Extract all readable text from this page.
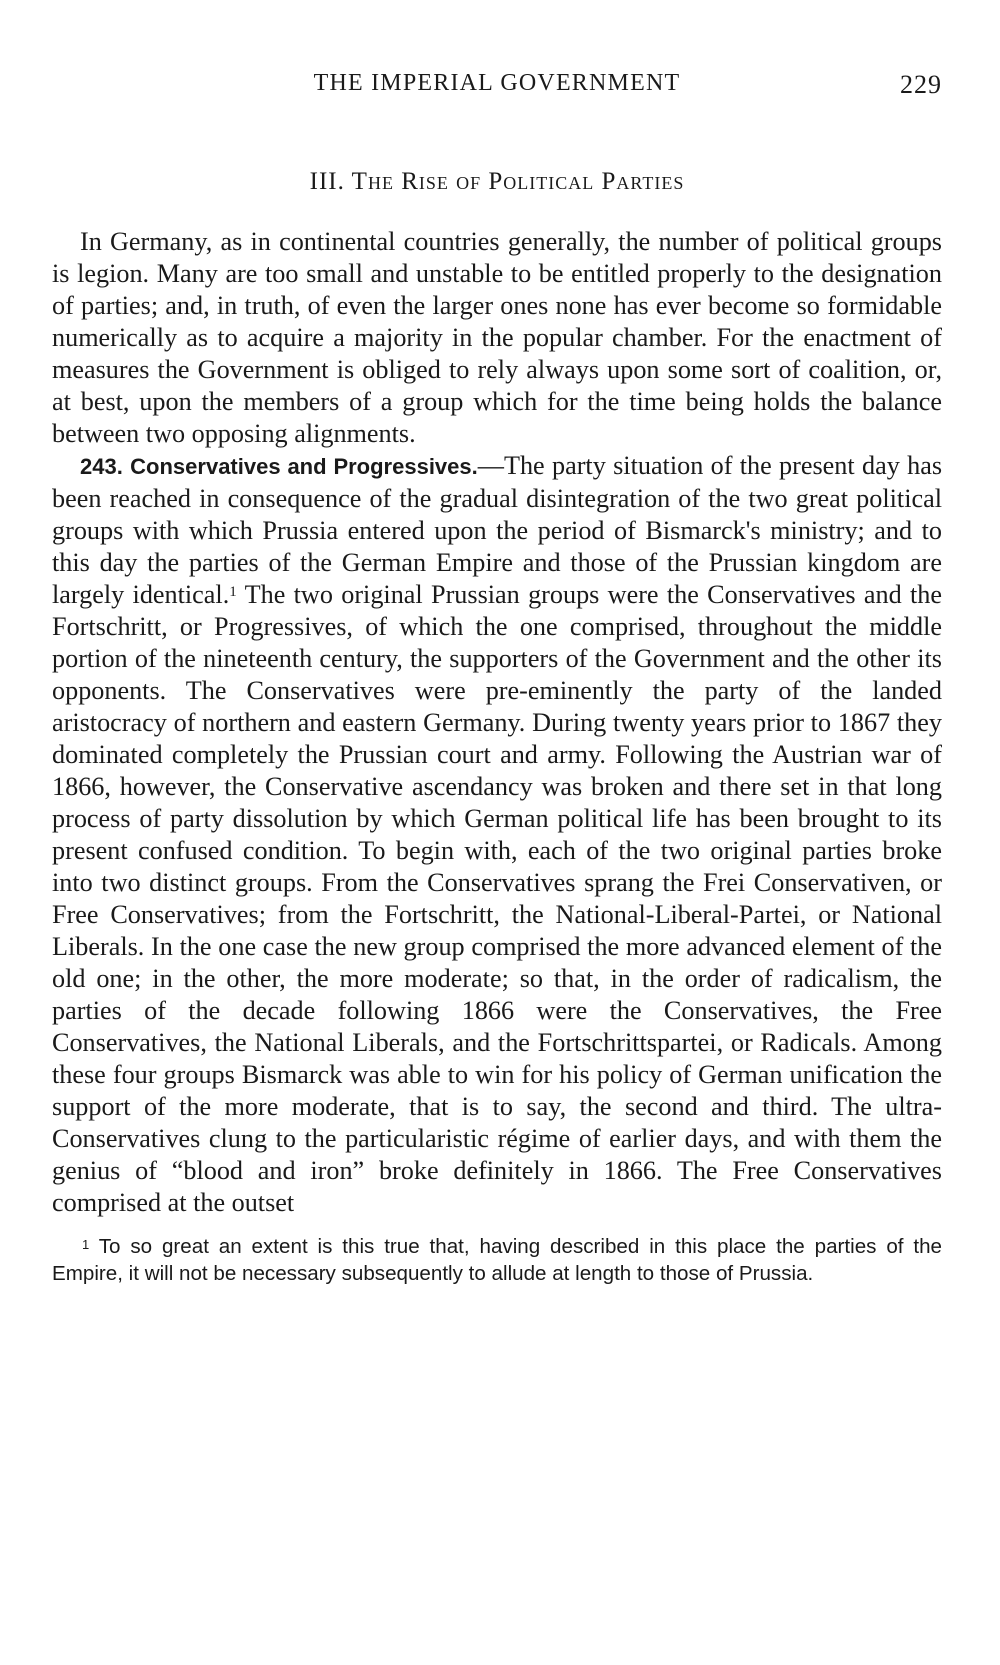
THE IMPERIAL GOVERNMENT	229
III. The Rise of Political Parties

In Germany, as in continental countries generally, the number of political groups is legion. Many are too small and unstable to be entitled properly to the designation of parties; and, in truth, of even the larger ones none has ever become so formidable numerically as to acquire a majority in the popular chamber. For the enactment of measures the Government is obliged to rely always upon some sort of coalition, or, at best, upon the members of a group which for the time being holds the balance between two opposing alignments.

243. Conservatives and Progressives.—The party situation of the present day has been reached in consequence of the gradual disintegration of the two great political groups with which Prussia entered upon the period of Bismarck's ministry; and to this day the parties of the German Empire and those of the Prussian kingdom are largely identical.$^1$ The two original Prussian groups were the Conservatives and the Fortschritt, or Progressives, of which the one comprised, throughout the middle portion of the nineteenth century, the supporters of the Government and the other its opponents. The Conservatives were pre-eminently the party of the landed aristocracy of northern and eastern Germany. During twenty years prior to 1867 they dominated completely the Prussian court and army. Following the Austrian war of 1866, however, the Conservative ascendancy was broken and there set in that long process of party dissolution by which German political life has been brought to its present confused condition. To begin with, each of the two original parties broke into two distinct groups. From the Conservatives sprang the Frei Conservativen, or Free Conservatives; from the Fortschritt, the National-Liberal-Partei, or National Liberals. In the one case the new group comprised the more advanced element of the old one; in the other, the more moderate; so that, in the order of radicalism, the parties of the decade following 1866 were the Conservatives, the Free Conservatives, the National Liberals, and the Fortschrittspartei, or Radicals. Among these four groups Bismarck was able to win for his policy of German unification the support of the more moderate, that is to say, the second and third. The ultra-Conservatives clung to the particularistic régime of earlier days, and with them the genius of “blood and iron” broke definitely in 1866. The Free Conservatives comprised at the outset

$^1$ To so great an extent is this true that, having described in this place the parties of the Empire, it will not be necessary subsequently to allude at length to those of Prussia.
